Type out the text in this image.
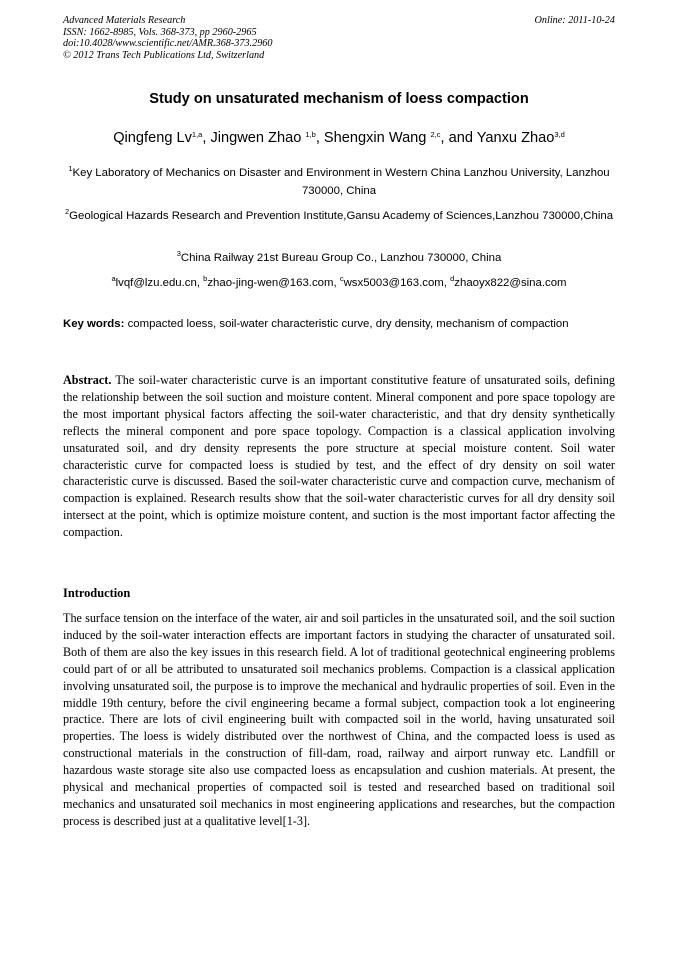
Advanced Materials Research
ISSN: 1662-8985, Vols. 368-373, pp 2960-2965
doi:10.4028/www.scientific.net/AMR.368-373.2960
© 2012 Trans Tech Publications Ltd, Switzerland
Online: 2011-10-24
Study on unsaturated mechanism of loess compaction
Qingfeng Lv$^{1,a}$, Jingwen Zhao $^{1,b}$, Shengxin Wang $^{2,c}$, and Yanxu Zhao$^{3,d}$
$^1$Key Laboratory of Mechanics on Disaster and Environment in Western China Lanzhou University, Lanzhou 730000, China
$^2$Geological Hazards Research and Prevention Institute,Gansu Academy of Sciences,Lanzhou 730000,China
$^3$China Railway 21st Bureau Group Co., Lanzhou 730000, China
$^a$lvqf@lzu.edu.cn, $^b$zhao-jing-wen@163.com, $^c$wsx5003@163.com, $^d$zhaoyx822@sina.com
Key words: compacted loess, soil-water characteristic curve, dry density, mechanism of compaction
Abstract. The soil-water characteristic curve is an important constitutive feature of unsaturated soils, defining the relationship between the soil suction and moisture content. Mineral component and pore space topology are the most important physical factors affecting the soil-water characteristic, and that dry density synthetically reflects the mineral component and pore space topology. Compaction is a classical application involving unsaturated soil, and dry density represents the pore structure at special moisture content. Soil water characteristic curve for compacted loess is studied by test, and the effect of dry density on soil water characteristic curve is discussed. Based the soil-water characteristic curve and compaction curve, mechanism of compaction is explained. Research results show that the soil-water characteristic curves for all dry density soil intersect at the point, which is optimize moisture content, and suction is the most important factor affecting the compaction.
Introduction
The surface tension on the interface of the water, air and soil particles in the unsaturated soil, and the soil suction induced by the soil-water interaction effects are important factors in studying the character of unsaturated soil. Both of them are also the key issues in this research field. A lot of traditional geotechnical engineering problems could part of or all be attributed to unsaturated soil mechanics problems. Compaction is a classical application involving unsaturated soil, the purpose is to improve the mechanical and hydraulic properties of soil. Even in the middle 19th century, before the civil engineering became a formal subject, compaction took a lot engineering practice. There are lots of civil engineering built with compacted soil in the world, having unsaturated soil properties. The loess is widely distributed over the northwest of China, and the compacted loess is used as constructional materials in the construction of fill-dam, road, railway and airport runway etc. Landfill or hazardous waste storage site also use compacted loess as encapsulation and cushion materials. At present, the physical and mechanical properties of compacted soil is tested and researched based on traditional soil mechanics and unsaturated soil mechanics in most engineering applications and researches, but the compaction process is described just at a qualitative level[1-3].
